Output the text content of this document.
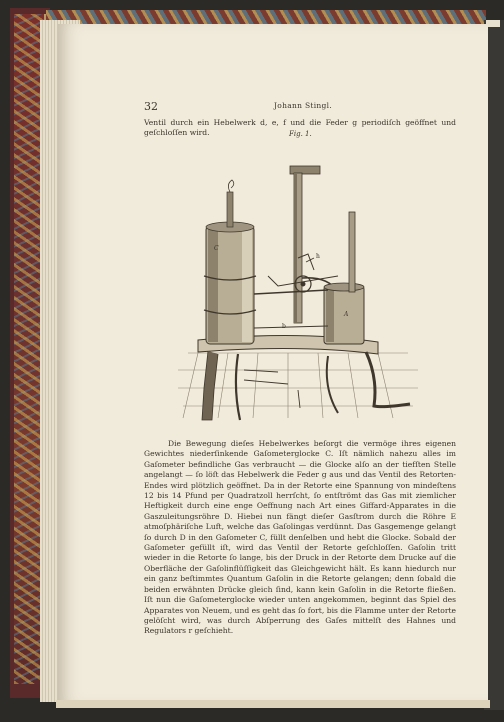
32	Johann Stingl.
Ventil durch ein Hebelwerk d, e, f und die Feder g periodiſch geöffnet und geſchloſſen wird.	Fig. 1.
C
A
h
b
Die Bewegung dieſes Hebelwerkes beſorgt die vermöge ihres eigenen Gewichtes niederſinkende Gaſometerglocke C. Iſt nämlich nahezu alles im Gaſometer befindliche Gas verbraucht — die Glocke alſo an der tiefſten Stelle angelangt — ſo löſt das Hebelwerk die Feder g aus und das Ventil des Retorten-Endes wird plötzlich geöffnet. Da in der Retorte eine Spannung von mindeſtens 12 bis 14 Pfund per Quadratzoll herrſcht, ſo entſtrömt das Gas mit ziemlicher Heftigkeit durch eine enge Oeffnung nach Art eines Giffard-Apparates in die Gaszuleitungsröhre D. Hiebei nun fängt dieſer Gasſtrom durch die Röhre E atmoſphäriſche Luft, welche das Gaſolingas verdünnt. Das Gasgemenge gelangt ſo durch D in den Gaſometer C, füllt denſelben und hebt die Glocke. Sobald der Gaſometer gefüllt iſt, wird das Ventil der Retorte geſchloſſen. Gaſolin tritt wieder in die Retorte ſo lange, bis der Druck in der Retorte dem Drucke auf die Oberfläche der Gaſolinflüſſigkeit das Gleichgewicht hält. Es kann hiedurch nur ein ganz beſtimmtes Quantum Gaſolin in die Retorte gelangen; denn ſobald die beiden erwähnten Drücke gleich ſind, kann kein Gaſolin in die Retorte fließen. Iſt nun die Gaſometerglocke wieder unten angekommen, beginnt das Spiel des Apparates von Neuem, und es geht das ſo fort, bis die Flamme unter der Retorte gelöſcht wird, was durch Abſperrung des Gaſes mittelſt des Hahnes und Regulators r geſchieht.
